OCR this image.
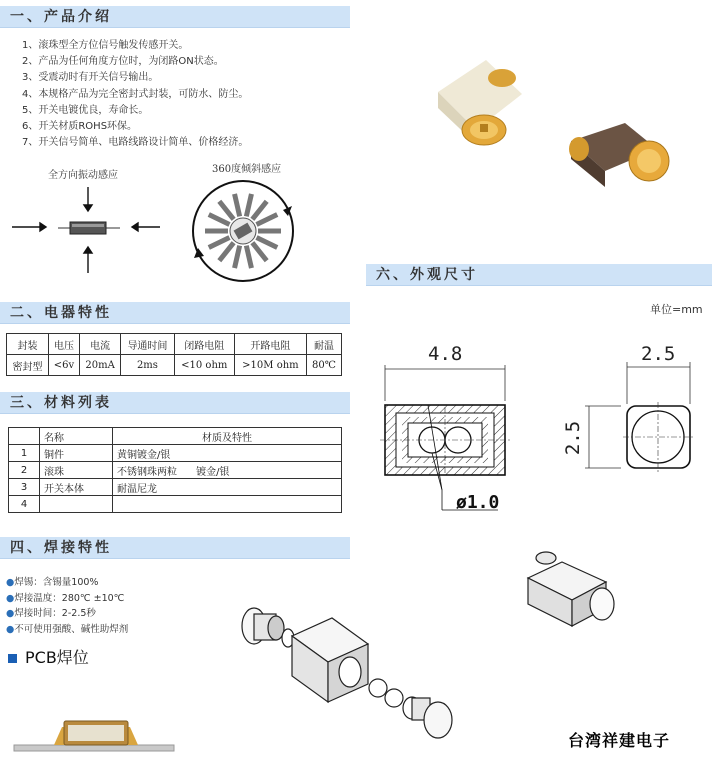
一、产品介绍
1、滚珠型全方位信号触发传感开关。
2、产品为任何角度方位时，为闭路ON状态。
3、受震动时有开关信号输出。
4、本规格产品为完全密封式封装，可防水、防尘。
5、开关电镀优良，寿命长。
6、开关材质ROHS环保。
7、开关信号简单、电路线路设计简单、价格经济。
全方向振动感应
360度倾斜感应
二、电器特性
封装	电压	电流	导通时间	闭路电阻	开路电阻	耐温
密封型	<6v	20mA	2ms	<10 ohm	>10M ohm	80℃
三、材料列表
	名称	材质及特性
1	铜件	黄铜镀金/银
2	滚珠	不锈钢珠两粒      镀金/银
3	开关本体	耐温尼龙
4		
四、焊接特性
●焊锡：含锡量100%
●焊接温度：280℃ ±10℃
●焊接时间：2-2.5秒
●不可使用强酸、碱性助焊剂
PCB焊位
六、外观尺寸
单位=mm
4.8
ø1.0
2.5
2.5
台湾祥建电子
